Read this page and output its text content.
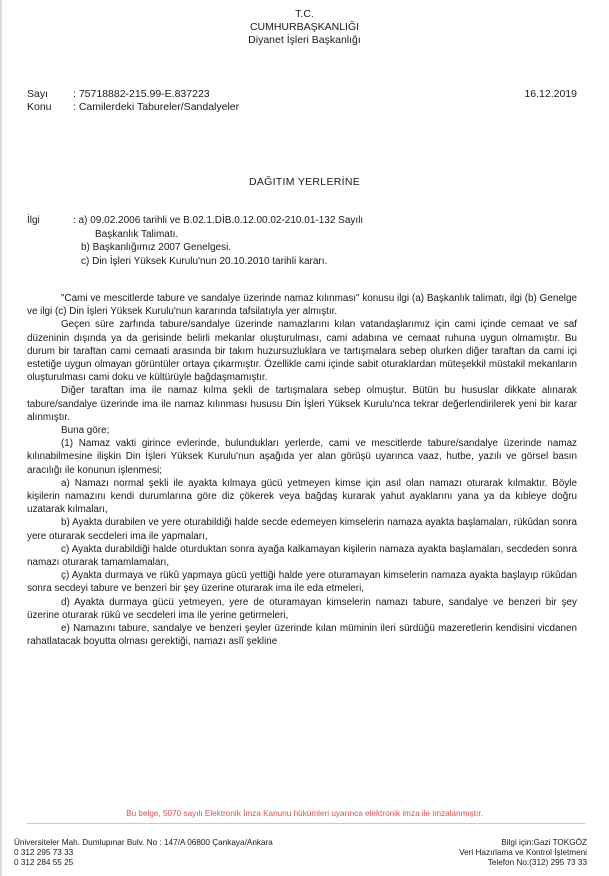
T.C.
CUMHURBAŞKANLIĞI
Diyanet İşleri Başkanlığı
Sayı : 75718882-215.99-E.837223	16.12.2019
Konu : Camilerdeki Tabureler/Sandalyeler
DAĞITIM YERLERİNE
İlgi	: a) 09.02.2006 tarihli ve B.02.1.DİB.0.12.00.02-210.01-132 Sayılı
Başkanlık Talimatı.
b) Başkanlığımız 2007 Genelgesi.
c) Din İşleri Yüksek Kurulu'nun 20.10.2010 tarihli kararı.

"Cami ve mescitlerde tabure ve sandalye üzerinde namaz kılınması" konusu ilgi (a) Başkanlık talimatı, ilgi (b) Genelge ve ilgi (c) Din İşleri Yüksek Kurulu'nun kararında tafsilatıyla yer almıştır.

Geçen süre zarfında tabure/sandalye üzerinde namazlarını kılan vatandaşlarımız için cami içinde cemaat ve saf düzeninin dışında ya da gerisinde belirli mekanlar oluşturulması, cami adabına ve cemaat ruhuna uygun olmamıştır. Bu durum bir taraftan cami cemaati arasında bir takım huzursuzluklara ve tartışmalara sebep olurken diğer taraftan da cami içi estetiğe uygun olmayan görüntüler ortaya çıkarmıştır. Özellikle cami içinde sabit oturaklardan müteşekkil müstakil mekanların oluşturulması cami doku ve kültürüyle bağdaşmamıştır.

Diğer taraftan ima ile namaz kılma şekli de tartışmalara sebep olmuştur. Bütün bu hususlar dikkate alınarak tabure/sandalye üzerinde ima ile namaz kılınması hususu Din İşleri Yüksek Kurulu'nca tekrar değerlendirilerek yeni bir karar alınmıştır.

Buna göre;

(1) Namaz vakti girince evlerinde, bulundukları yerlerde, cami ve mescitlerde tabure/sandalye üzerinde namaz kılınabilmesine ilişkin Din İşleri Yüksek Kurulu'nun aşağıda yer alan görüşü uyarınca vaaz, hutbe, yazılı ve görsel basın aracılığı ile konunun işlenmesi;

a) Namazı normal şekli ile ayakta kılmaya gücü yetmeyen kimse için asıl olan namazı oturarak kılmaktır. Böyle kişilerin namazını kendi durumlarına göre diz çökerek veya bağdaş kurarak yahut ayaklarını yana ya da kıbleye doğru uzatarak kılmaları,

b) Ayakta durabilen ve yere oturabildiği halde secde edemeyen kimselerin namaza ayakta başlamaları, rükûdan sonra yere oturarak secdeleri ima ile yapmaları,

c) Ayakta durabildiği halde oturduktan sonra ayağa kalkamayan kişilerin namaza ayakta başlamaları, secdeden sonra namazı oturarak tamamlamaları,

ç) Ayakta durmaya ve rükû yapmaya gücü yettiği halde yere oturamayan kimselerin namaza ayakta başlayıp rükûdan sonra secdeyi tabure ve benzeri bir şey üzerine oturarak ima ile eda etmeleri,

d) Ayakta durmaya gücü yetmeyen, yere de oturamayan kimselerin namazı tabure, sandalye ve benzeri bir şey üzerine oturarak rükû ve secdeleri ima ile yerine getirmeleri,

e) Namazını tabure, sandalye ve benzeri şeyler üzerinde kılan müminin ileri sürdüğü mazeretlerin kendisini vicdanen rahatlatacak boyutta olması gerektiği, namazı aslî şekline

Bu belge, 5070 sayılı Elektronik İmza Kanunu hükümleri uyarınca elektronik imza ile imzalanmıştır.
Üniversiteler Mah. Dumlupınar Bulv. No : 147/A 06800 Çankaya/Ankara
0 312 295 73 33
0 312 284 55 25
Bilgi için:Gazi TOKGÖZ
Veri Hazırlama ve Kontrol İşletmeni
Telefon No:(312) 295 73 33
